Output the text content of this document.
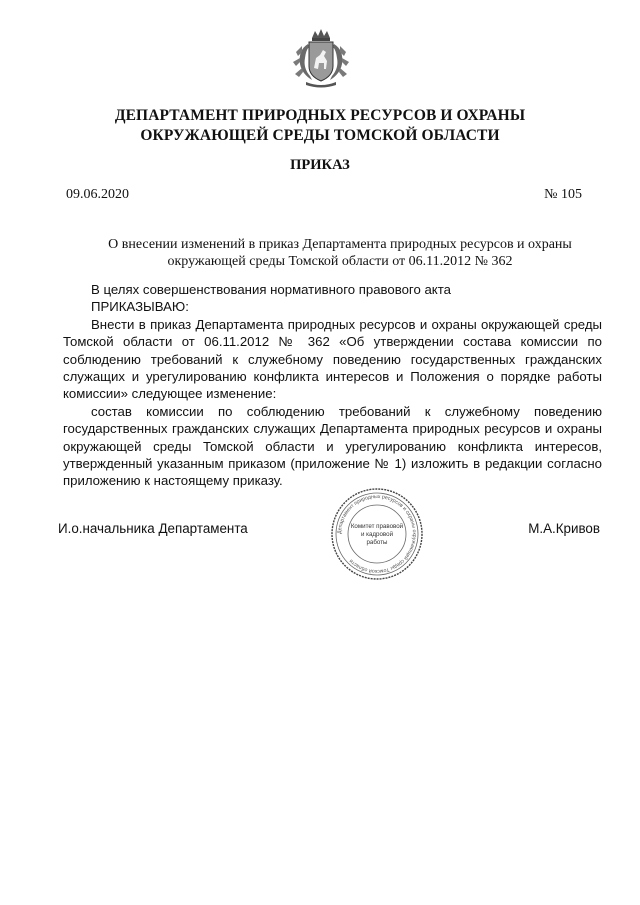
ДЕПАРТАМЕНТ ПРИРОДНЫХ РЕСУРСОВ И ОХРАНЫ
ОКРУЖАЮЩЕЙ СРЕДЫ ТОМСКОЙ ОБЛАСТИ
ПРИКАЗ
09.06.2020	№ 105
О внесении изменений в приказ Департамента природных ресурсов и охраны
окружающей среды Томской области от 06.11.2012 № 362

В целях совершенствования нормативного правового акта

ПРИКАЗЫВАЮ:

Внести в приказ Департамента природных ресурсов и охраны окружающей среды Томской области от 06.11.2012 № 362 «Об утверждении состава комиссии по соблюдению требований к служебному поведению государственных гражданских служащих и урегулированию конфликта интересов и Положения о порядке работы комиссии» следующее изменение:

состав комиссии по соблюдению требований к служебному поведению государственных гражданских служащих Департамента природных ресурсов и охраны окружающей среды Томской области и урегулированию конфликта интересов, утвержденный указанным приказом (приложение № 1) изложить в редакции согласно приложению к настоящему приказу.

И.о.начальника Департамента	М.А.Кривов
Департамент природных ресурсов и охраны окружающей среды Томской области
Комитет правовой
и кадровой
работы
